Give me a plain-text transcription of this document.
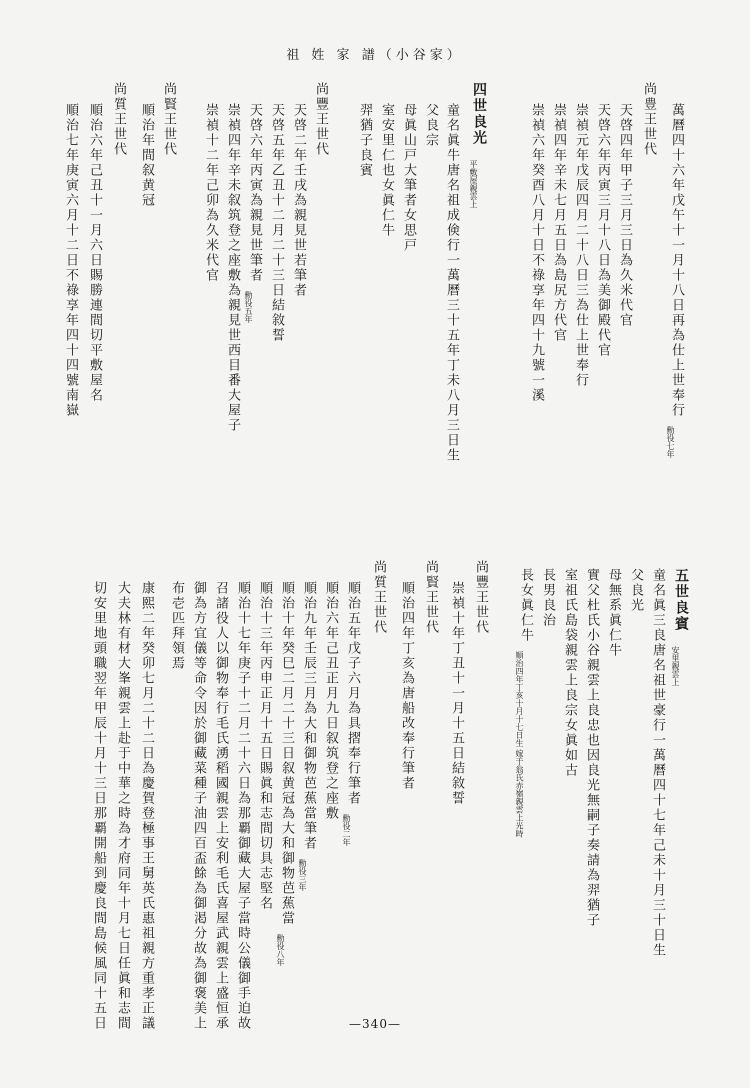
祖 姓 家 譜（小谷家）
萬曆四十六年戊午十一月十八日再為仕上世奉行
勳役七年
尚豊王世代
天啓四年甲子三月三日為久米代官
天啓六年丙寅三月十八日為美御殿代官
崇禎元年戊辰四月二十八日三為仕上世奉行
崇禎四年辛未七月五日為島尻方代官
崇禎六年癸酉八月十日不祿享年四十九號一溪
四世良光
平敷屋親雲上
童名眞牛唐名祖成倹行一萬曆三十五年丁未八月三日生
父良宗
母眞山戸大筆者女思戸
室安里仁也女眞仁牛
羿猶子良賓
尚豐王世代
天啓二年壬戌為親見世若筆者
天啓五年乙丑十二月二十三日結敘誓
天啓六年丙寅為親見世筆者
勳役五年
崇禎四年辛未叙筑登之座敷為親見世西目番大屋子
崇禎十二年己卯為久米代官
尚賢王世代
順治年間叙黄冠
尚質王世代
順治六年己丑十一月六日賜勝連間切平敷屋名
順治七年庚寅六月十二日不祿享年四十四號南嶽
五世良賓
安里親雲上
童名眞三良唐名祖世豪行一萬曆四十七年己未十月三十日生
父良光
母無系眞仁牛
實父杜氏小谷親雲上良忠也因良光無嗣子奏請為羿猶子
室祖氏島袋親雲上良宗女眞如古
長男良治
長女眞仁牛
順治四年丁亥十月十七日生 嫁于翁氏赤嶺親雲上光時
尚豐王世代
崇禎十年丁丑十一月十五日結敘誓
尚賢王世代
順治四年丁亥為唐船改奉行筆者
尚質王世代
順治五年戊子六月為具摺奉行筆者
勳役二年
順治六年己丑正月九日叙筑登之座敷
順治九年壬辰三月為大和御物芭蕉當筆者
勳役三年
順治十年癸巳二月二十三日叙黄冠為大和御物芭蕉當
勳役八年
順治十三年丙申正月十五日賜眞和志間切具志堅名
順治十七年庚子十二月二十六日為那覇御藏大屋子當時公儀御手迫故
召諸役人以御物奉行毛氏湧稻國親雲上安利毛氏喜屋武親雲上盛恒承
御為方宜儀等命令因於御藏菜種子油四百盃餘為御渇分故為御褒美上
布壱匹拜領焉
康熙二年癸卯七月二十二日為慶賀登極事王舅英氏惠祖親方重孝正議
大夫林有材大峯親雲上赴于中華之時為才府同年十月七日任眞和志間
切安里地頭職翌年甲辰十月十三日那覇開船到慶良間島候風同十五日	—340—
